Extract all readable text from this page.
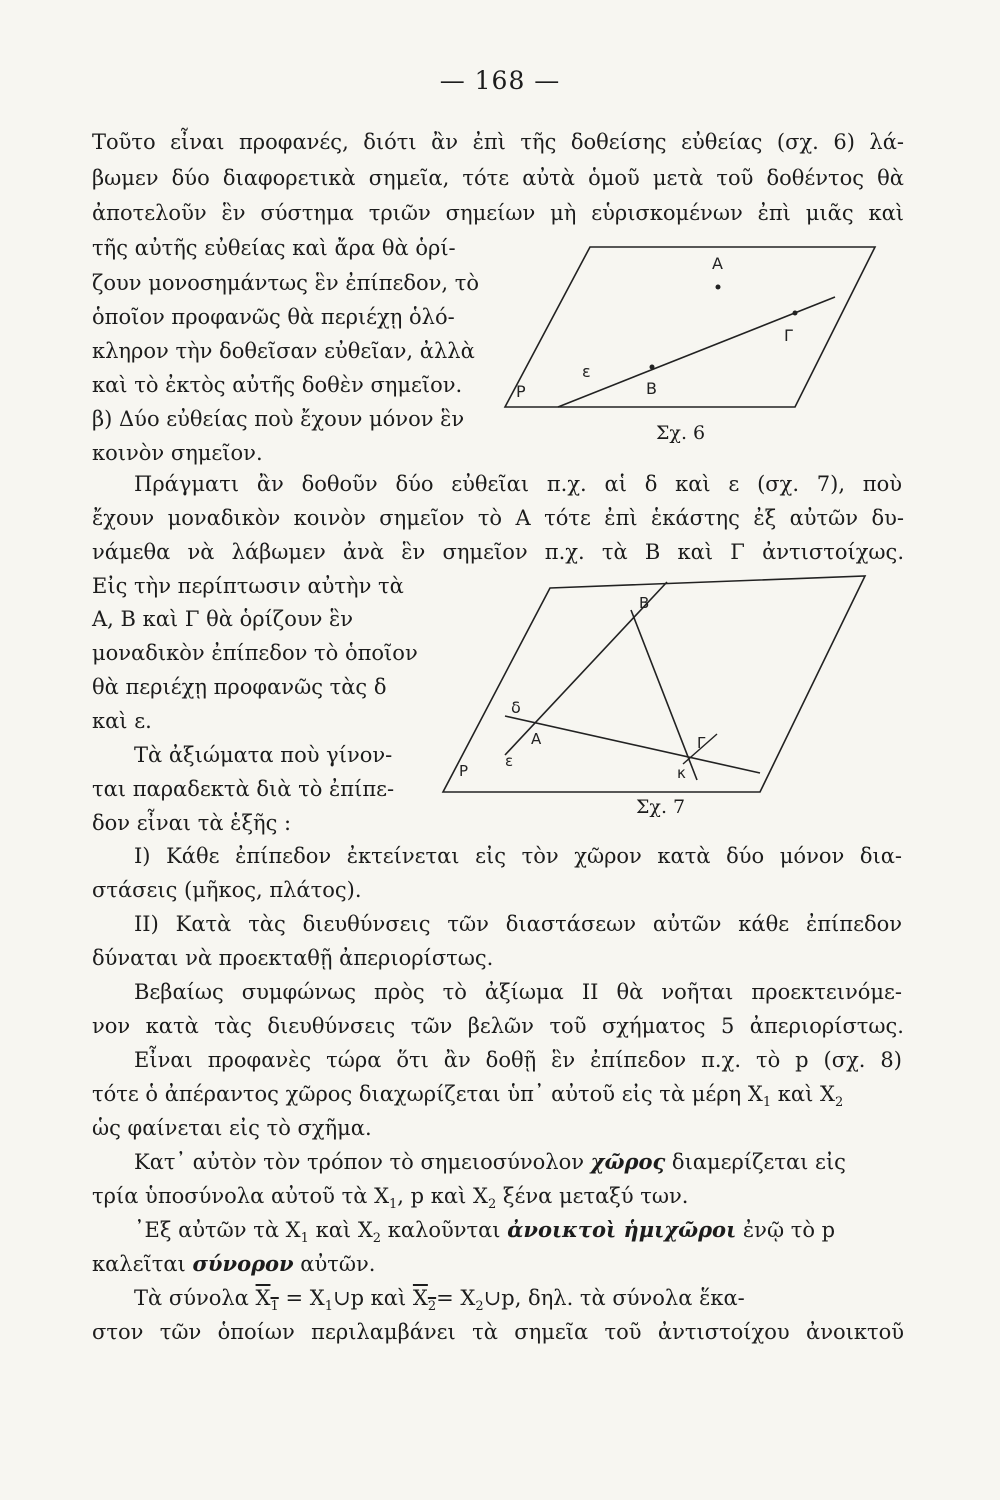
— 168 —
Τοῦτο εἶναι προφανές, διότι ἂν ἐπὶ τῆς δοθείσης εὐθείας (σχ. 6) λά-
βωμεν δύο διαφορετικὰ σημεῖα, τότε αὐτὰ ὁμοῦ μετὰ τοῦ δοθέντος θὰ
ἀποτελοῦν ἓν σύστημα τριῶν σημείων μὴ εὑρισκομένων ἐπὶ μιᾶς καὶ
τῆς αὐτῆς εὐθείας καὶ ἄρα θὰ ὁρί-
ζουν μονοσημάντως ἓν ἐπίπεδον, τὸ
ὁποῖον προφανῶς θὰ περιέχῃ ὁλό-
κληρον τὴν δοθεῖσαν εὐθεῖαν, ἀλλὰ
καὶ τὸ ἐκτὸς αὐτῆς δοθὲν σημεῖον.
β) Δύο εὐθείας ποὺ ἔχουν μόνον ἓν
κοινὸν σημεῖον.
A
Γ
ε
B
P
Σχ. 6
Πράγματι ἂν δοθοῦν δύο εὐθεῖαι π.χ. αἱ δ καὶ ε (σχ. 7), ποὺ
ἔχουν μοναδικὸν κοινὸν σημεῖον τὸ Α τότε ἐπὶ ἑκάστης ἐξ αὐτῶν δυ-
νάμεθα νὰ λάβωμεν ἀνὰ ἓν σημεῖον π.χ. τὰ Β καὶ Γ ἀντιστοίχως.
Εἰς τὴν περίπτωσιν αὐτὴν τὰ
Α, Β καὶ Γ θὰ ὁρίζουν ἓν
μοναδικὸν ἐπίπεδον τὸ ὁποῖον
θὰ περιέχῃ προφανῶς τὰς δ
καὶ ε.
Τὰ ἀξιώματα ποὺ γίνον-
ται παραδεκτὰ διὰ τὸ ἐπίπε-
δον εἶναι τὰ ἑξῆς :
B
δ
A	Γ
ε
κ
P
Σχ. 7
Ι) Κάθε ἐπίπεδον ἐκτείνεται εἰς τὸν χῶρον κατὰ δύο μόνον δια-
στάσεις (μῆκος, πλάτος).
ΙΙ) Κατὰ τὰς διευθύνσεις τῶν διαστάσεων αὐτῶν κάθε ἐπίπεδον
δύναται νὰ προεκταθῇ ἀπεριορίστως.
Βεβαίως συμφώνως πρὸς τὸ ἀξίωμα ΙΙ θὰ νοῆται προεκτεινόμε-
νον κατὰ τὰς διευθύνσεις τῶν βελῶν τοῦ σχήματος 5 ἀπεριορίστως.
Εἶναι προφανὲς τώρα ὅτι ἂν δοθῇ ἓν ἐπίπεδον π.χ. τὸ p (σχ. 8)
τότε ὁ ἀπέραντος χῶρος διαχωρίζεται ὑπ᾽ αὐτοῦ εἰς τὰ μέρη $X_1$ καὶ $X_2$
ὡς φαίνεται εἰς τὸ σχῆμα.
Κατ᾽ αὐτὸν τὸν τρόπον τὸ σημειοσύνολον χῶρος διαμερίζεται εἰς
τρία ὑποσύνολα αὐτοῦ τὰ $X_1$, p καὶ $X_2$ ξένα μεταξύ των.
᾽Εξ αὐτῶν τὰ $X_1$ καὶ $X_2$ καλοῦνται ἀνοικτοὶ ἡμιχῶροι ἐνῷ τὸ p
καλεῖται σύνορον αὐτῶν.
Τὰ σύνολα $X_1$ = $X_1\cup p$ καὶ $X_2=$ $X_2\cup p$, δηλ. τὰ σύνολα ἕκα-
στον τῶν ὁποίων περιλαμβάνει τὰ σημεῖα τοῦ ἀντιστοίχου ἀνοικτοῦ
